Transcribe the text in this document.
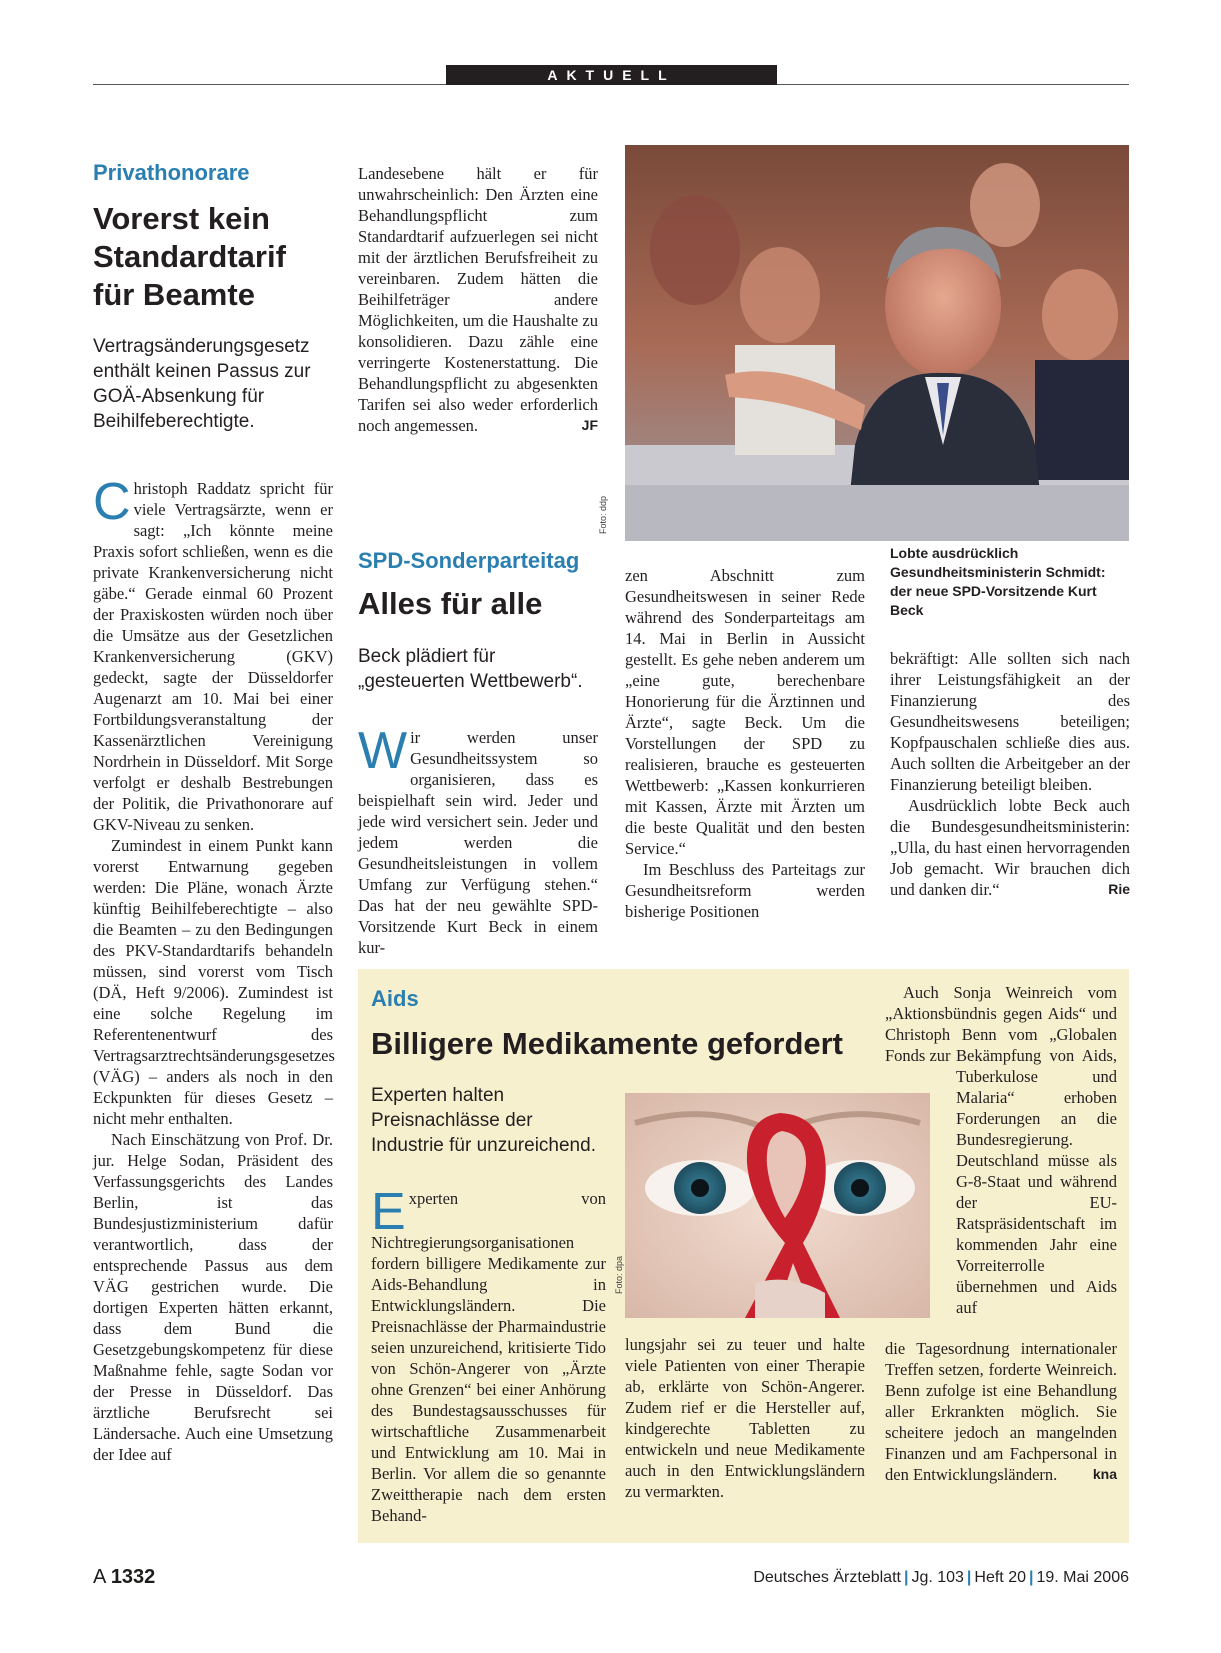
AKTUELL
Privathonorare
Vorerst kein Standardtarif für Beamte
Vertragsänderungsgesetz enthält keinen Passus zur GOÄ-Absenkung für Beihilfeberechtigte.

Christoph Raddatz spricht für viele Vertragsärzte, wenn er sagt: „Ich könnte meine Praxis sofort schließen, wenn es die private Krankenversicherung nicht gäbe.“ Gerade einmal 60 Prozent der Praxiskosten würden noch über die Umsätze aus der Gesetzlichen Krankenversicherung (GKV) gedeckt, sagte der Düsseldorfer Augenarzt am 10. Mai bei einer Fortbildungsveranstaltung der Kassenärztlichen Vereinigung Nordrhein in Düsseldorf. Mit Sorge verfolgt er deshalb Bestrebungen der Politik, die Privathonorare auf GKV-Niveau zu senken.

Zumindest in einem Punkt kann vorerst Entwarnung gegeben werden: Die Pläne, wonach Ärzte künftig Beihilfeberechtigte – also die Beamten – zu den Bedingungen des PKV-Standardtarifs behandeln müssen, sind vorerst vom Tisch (DÄ, Heft 9/2006). Zumindest ist eine solche Regelung im Referentenentwurf des Vertragsarztrechtsänderungsgesetzes (VÄG) – anders als noch in den Eckpunkten für dieses Gesetz – nicht mehr enthalten.

Nach Einschätzung von Prof. Dr. jur. Helge Sodan, Präsident des Verfassungsgerichts des Landes Berlin, ist das Bundesjustizministerium dafür verantwortlich, dass der entsprechende Passus aus dem VÄG gestrichen wurde. Die dortigen Experten hätten erkannt, dass dem Bund die Gesetzgebungskompetenz für diese Maßnahme fehle, sagte Sodan vor der Presse in Düsseldorf. Das ärztliche Berufsrecht sei Ländersache. Auch eine Umsetzung der Idee auf

Landesebene hält er für unwahrscheinlich: Den Ärzten eine Behandlungspflicht zum Standardtarif aufzuerlegen sei nicht mit der ärztlichen Berufsfreiheit zu vereinbaren. Zudem hätten die Beihilfeträger andere Möglichkeiten, um die Haushalte zu konsolidieren. Dazu zähle eine verringerte Kostenerstattung. Die Behandlungspflicht zu abgesenkten Tarifen sei also weder erforderlich noch angemessen.	JF

Foto: ddp
Lobte ausdrücklich Gesundheitsministerin Schmidt: der neue SPD-Vorsitzende Kurt Beck
SPD-Sonderparteitag
Alles für alle
Beck plädiert für „gesteuerten Wettbewerb“.

Wir werden unser Gesundheitssystem so organisieren, dass es beispielhaft sein wird. Jeder und jede wird versichert sein. Jeder und jedem werden die Gesundheitsleistungen in vollem Umfang zur Verfügung stehen.“ Das hat der neu gewählte SPD-Vorsitzende Kurt Beck in einem kur-

zen Abschnitt zum Gesundheitswesen in seiner Rede während des Sonderparteitags am 14. Mai in Berlin in Aussicht gestellt. Es gehe neben anderem um „eine gute, berechenbare Honorierung für die Ärztinnen und Ärzte“, sagte Beck. Um die Vorstellungen der SPD zu realisieren, brauche es gesteuerten Wettbewerb: „Kassen konkurrieren mit Kassen, Ärzte mit Ärzten um die beste Qualität und den besten Service.“

Im Beschluss des Parteitags zur Gesundheitsreform werden bisherige Positionen

bekräftigt: Alle sollten sich nach ihrer Leistungsfähigkeit an der Finanzierung des Gesundheitswesens beteiligen; Kopfpauschalen schließe dies aus. Auch sollten die Arbeitgeber an der Finanzierung beteiligt bleiben.

Ausdrücklich lobte Beck auch die Bundesgesundheitsministerin: „Ulla, du hast einen hervorragenden Job gemacht. Wir brauchen dich und danken dir.“	Rie

Aids
Billigere Medikamente gefordert
Experten halten Preisnachlässe der Industrie für unzureichend.

Experten von Nichtregierungsorganisationen fordern billigere Medikamente zur Aids-Behandlung in Entwicklungsländern. Die Preisnachlässe der Pharmaindustrie seien unzureichend, kritisierte Tido von Schön-Angerer von „Ärzte ohne Grenzen“ bei einer Anhörung des Bundestagsausschusses für wirtschaftliche Zusammenarbeit und Entwicklung am 10. Mai in Berlin. Vor allem die so genannte Zweittherapie nach dem ersten Behand-

Foto: dpa

lungsjahr sei zu teuer und halte viele Patienten von einer Therapie ab, erklärte von Schön-Angerer. Zudem rief er die Hersteller auf, kindgerechte Tabletten zu entwickeln und neue Medikamente auch in den Entwicklungsländern zu vermarkten.

Auch Sonja Weinreich vom „Aktionsbündnis gegen Aids“ und Christoph Benn vom „Globalen Fonds zur Bekämpfung von Aids, Tuberkulose und Malaria“ erhoben Forderungen an die Bundesregierung. Deutschland müsse als G-8-Staat und während der EU-Ratspräsidentschaft im kommenden Jahr eine Vorreiterrolle übernehmen und Aids auf

die Tagesordnung internationaler Treffen setzen, forderte Weinreich. Benn zufolge ist eine Behandlung aller Erkrankten möglich. Sie scheitere jedoch an mangelnden Finanzen und am Fachpersonal in den Entwicklungsländern.	kna

A 1332	Deutsches Ärzteblatt | Jg. 103 | Heft 20 | 19. Mai 2006
